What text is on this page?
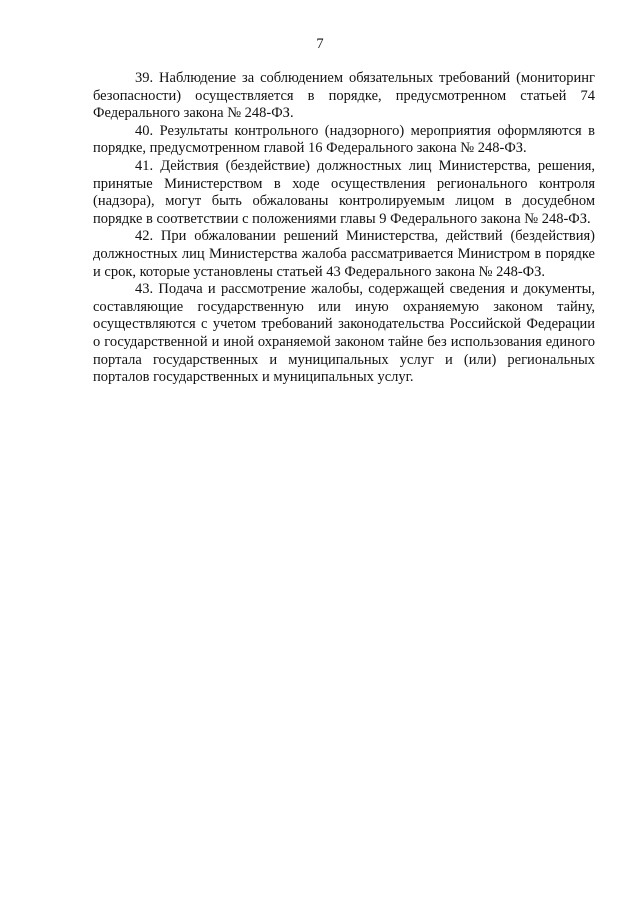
7

39. Наблюдение за соблюдением обязательных требований (мониторинг безопасности) осуществляется в порядке, предусмотренном статьей 74 Федерального закона № 248-ФЗ.

40. Результаты контрольного (надзорного) мероприятия оформляются в порядке, предусмотренном главой 16 Федерального закона № 248-ФЗ.

41. Действия (бездействие) должностных лиц Министерства, решения, принятые Министерством в ходе осуществления регионального контроля (надзора), могут быть обжалованы контролируемым лицом в досудебном порядке в соответствии с положениями главы 9 Федерального закона № 248-ФЗ.

42. При обжаловании решений Министерства, действий (бездействия) должностных лиц Министерства жалоба рассматривается Министром в порядке и срок, которые установлены статьей 43 Федерального закона № 248-ФЗ.

43. Подача и рассмотрение жалобы, содержащей сведения и документы, составляющие государственную или иную охраняемую законом тайну, осуществляются с учетом требований законодательства Российской Федерации о государственной и иной охраняемой законом тайне без использования единого портала государственных и муниципальных услуг и (или) региональных порталов государственных и муниципальных услуг.
